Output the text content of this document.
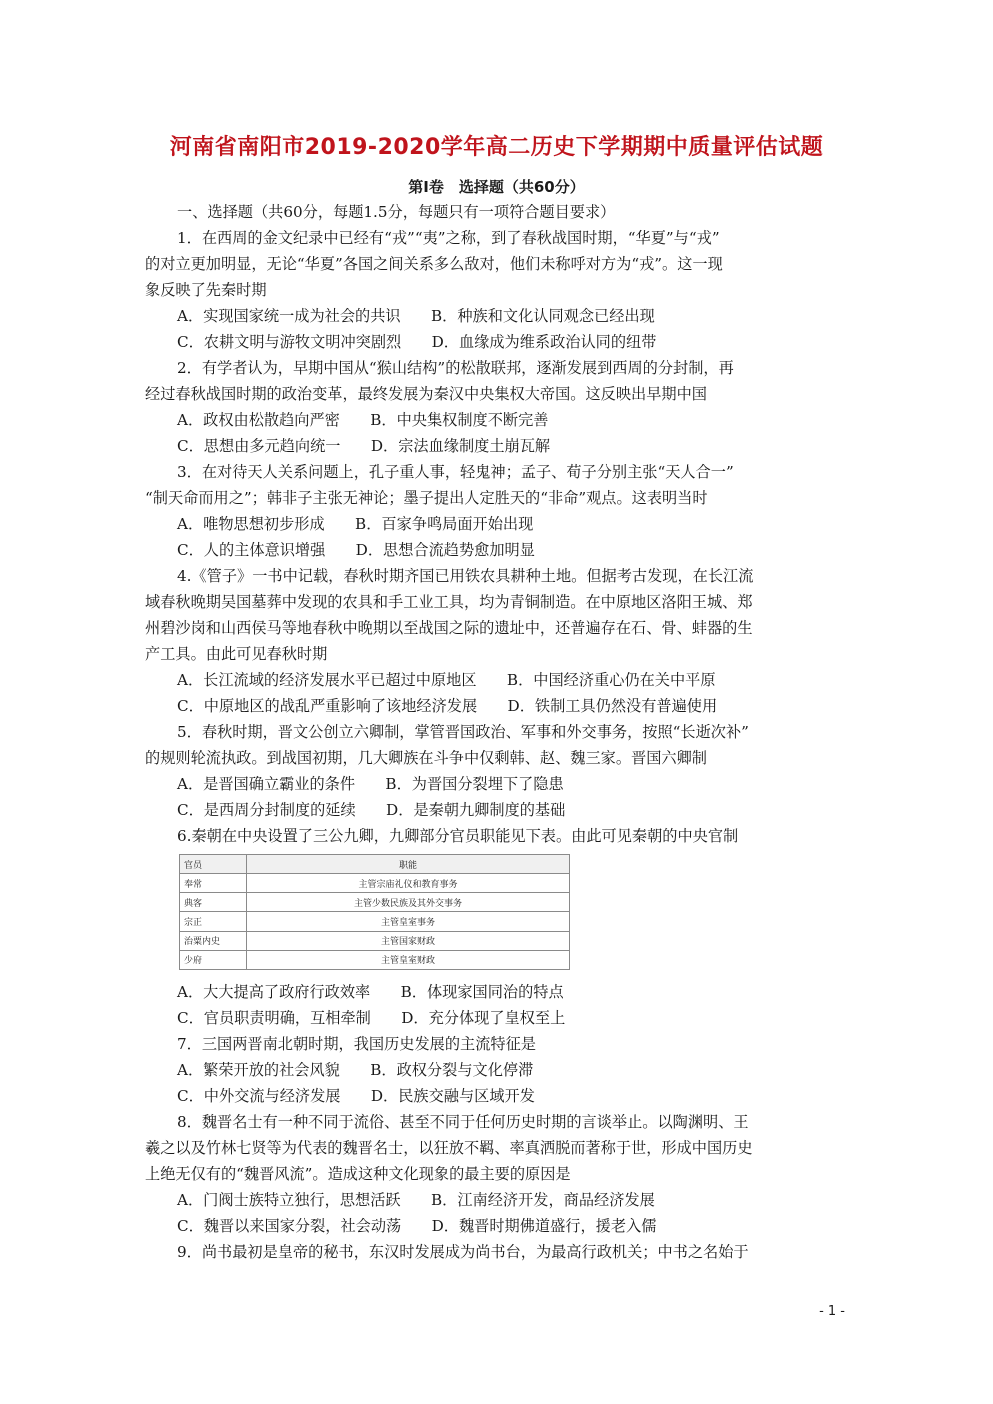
河南省南阳市2019-2020学年高二历史下学期期中质量评估试题
第Ⅰ卷　选择题（共60分）
一、选择题（共60分，每题1.5分，每题只有一项符合题目要求）
1．在西周的金文纪录中已经有“戎”“夷”之称，到了春秋战国时期，“华夏”与“戎”
的对立更加明显，无论“华夏”各国之间关系多么敌对，他们未称呼对方为“戎”。这一现
象反映了先秦时期
A．实现国家统一成为社会的共识　　B．种族和文化认同观念已经出现
C．农耕文明与游牧文明冲突剧烈　　D．血缘成为维系政治认同的纽带
2．有学者认为，早期中国从“猴山结构”的松散联邦，逐渐发展到西周的分封制，再
经过春秋战国时期的政治变革，最终发展为秦汉中央集权大帝国。这反映出早期中国
A．政权由松散趋向严密　　B．中央集权制度不断完善
C．思想由多元趋向统一　　D．宗法血缘制度土崩瓦解
3．在对待天人关系问题上，孔子重人事，轻鬼神；孟子、荀子分别主张“天人合一”
“制天命而用之”；韩非子主张无神论；墨子提出人定胜天的“非命”观点。这表明当时
A．唯物思想初步形成　　B．百家争鸣局面开始出现
C．人的主体意识增强　　D．思想合流趋势愈加明显
4.《管子》一书中记载，春秋时期齐国已用铁农具耕种土地。但据考古发现，在长江流
域春秋晚期吴国墓葬中发现的农具和手工业工具，均为青铜制造。在中原地区洛阳王城、郑
州碧沙岗和山西侯马等地春秋中晚期以至战国之际的遗址中，还普遍存在石、骨、蚌器的生
产工具。由此可见春秋时期
A．长江流域的经济发展水平已超过中原地区　　B．中国经济重心仍在关中平原
C．中原地区的战乱严重影响了该地经济发展　　D．铁制工具仍然没有普遍使用
5．春秋时期，晋文公创立六卿制，掌管晋国政治、军事和外交事务，按照“长逝次补”
的规则轮流执政。到战国初期，几大卿族在斗争中仅剩韩、赵、魏三家。晋国六卿制
A．是晋国确立霸业的条件　　B．为晋国分裂埋下了隐患
C．是西周分封制度的延续　　D．是秦朝九卿制度的基础
6.秦朝在中央设置了三公九卿，九卿部分官员职能见下表。由此可见秦朝的中央官制
官员	职能
奉常	主管宗庙礼仪和教育事务
典客	主管少数民族及其外交事务
宗正	主管皇室事务
治粟内史	主管国家财政
少府	主管皇室财政
A．大大提高了政府行政效率　　B．体现家国同治的特点
C．官员职责明确，互相牵制　　D．充分体现了皇权至上
7．三国两晋南北朝时期，我国历史发展的主流特征是
A．繁荣开放的社会风貌　　B．政权分裂与文化停滞
C．中外交流与经济发展　　D．民族交融与区域开发
8．魏晋名士有一种不同于流俗、甚至不同于任何历史时期的言谈举止。以陶渊明、王
羲之以及竹林七贤等为代表的魏晋名士，以狂放不羁、率真洒脱而著称于世，形成中国历史
上绝无仅有的“魏晋风流”。造成这种文化现象的最主要的原因是
A．门阀士族特立独行，思想活跃　　B．江南经济开发，商品经济发展
C．魏晋以来国家分裂，社会动荡　　D．魏晋时期佛道盛行，援老入儒
9．尚书最初是皇帝的秘书，东汉时发展成为尚书台，为最高行政机关；中书之名始于
- 1 -
